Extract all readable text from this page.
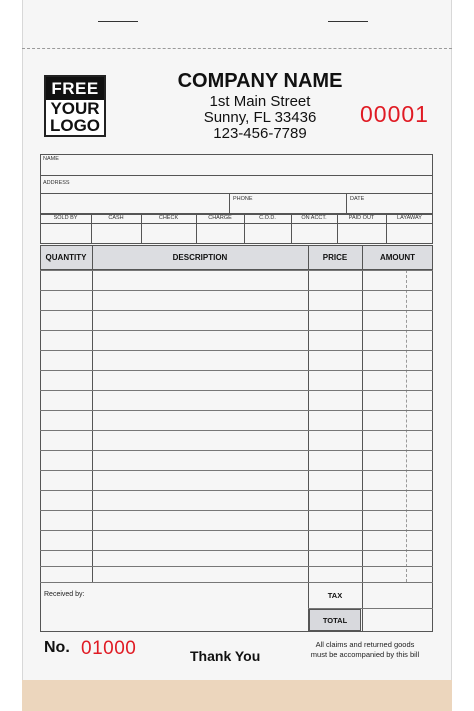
FREE
YOUR
LOGO
COMPANY NAME
1st Main Street
Sunny, FL 33436
123-456-7789
00001
NAME
ADDRESS
PHONE	DATE
SOLD BY	CASH	CHECK	CHARGE	C.O.D.	ON ACCT.	PAID OUT	LAYAWAY
QUANTITY	DESCRIPTION	PRICE	AMOUNT
Received by:	TAX
TOTAL
No. 01000	Thank You
All claims and returned goods
must be accompanied by this bill
